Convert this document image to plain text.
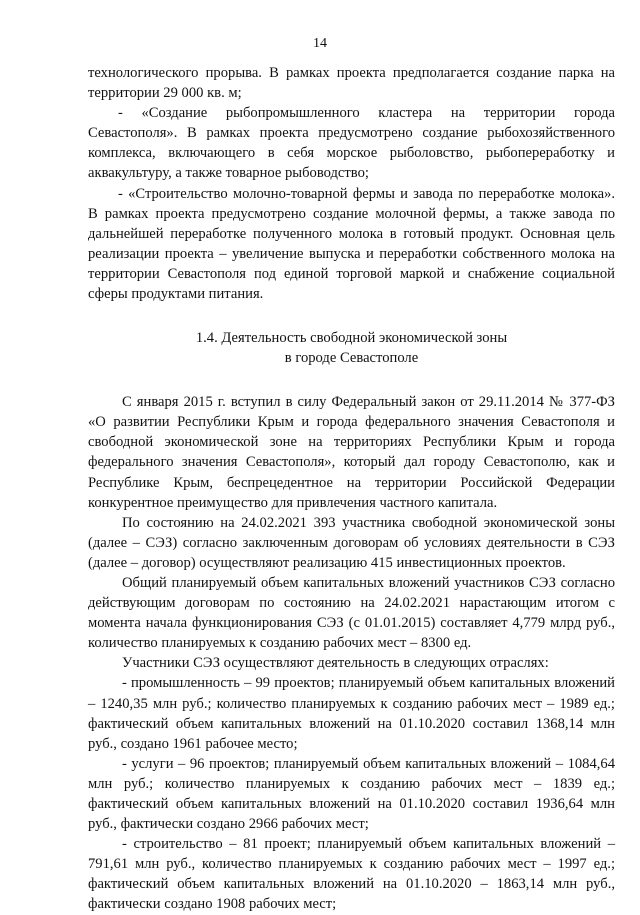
14

технологического прорыва. В рамках проекта предполагается создание парка на территории 29 000 кв. м;

- «Создание рыбопромышленного кластера на территории города Севастополя». В рамках проекта предусмотрено создание рыбохозяйственного комплекса, включающего в себя морское рыболовство, рыбопереработку и аквакультуру, а также товарное рыбоводство;

- «Строительство молочно-товарной фермы и завода по переработке молока». В рамках проекта предусмотрено создание молочной фермы, а также завода по дальнейшей переработке полученного молока в готовый продукт. Основная цель реализации проекта – увеличение выпуска и переработки собственного молока на территории Севастополя под единой торговой маркой и снабжение социальной сферы продуктами питания.

1.4. Деятельность свободной экономической зоны
в городе Севастополе

С января 2015 г. вступил в силу Федеральный закон от 29.11.2014 № 377-ФЗ «О развитии Республики Крым и города федерального значения Севастополя и свободной экономической зоне на территориях Республики Крым и города федерального значения Севастополя», который дал городу Севастополю, как и Республике Крым, беспрецедентное на территории Российской Федерации конкурентное преимущество для привлечения частного капитала.

По состоянию на 24.02.2021 393 участника свободной экономической зоны (далее – СЭЗ) согласно заключенным договорам об условиях деятельности в СЭЗ (далее – договор) осуществляют реализацию 415 инвестиционных проектов.

Общий планируемый объем капитальных вложений участников СЭЗ согласно действующим договорам по состоянию на 24.02.2021 нарастающим итогом с момента начала функционирования СЭЗ (с 01.01.2015) составляет 4,779 млрд руб., количество планируемых к созданию рабочих мест – 8300 ед.

Участники СЭЗ осуществляют деятельность в следующих отраслях:

- промышленность – 99 проектов; планируемый объем капитальных вложений – 1240,35 млн руб.; количество планируемых к созданию рабочих мест – 1989 ед.; фактический объем капитальных вложений на 01.10.2020 составил 1368,14 млн руб., создано 1961 рабочее место;

- услуги – 96 проектов; планируемый объем капитальных вложений – 1084,64 млн руб.; количество планируемых к созданию рабочих мест – 1839 ед.; фактический объем капитальных вложений на 01.10.2020 составил 1936,64 млн руб., фактически создано 2966 рабочих мест;

- строительство – 81 проект; планируемый объем капитальных вложений – 791,61 млн руб., количество планируемых к созданию рабочих мест – 1997 ед.; фактический объем капитальных вложений на 01.10.2020 – 1863,14 млн руб., фактически создано 1908 рабочих мест;
